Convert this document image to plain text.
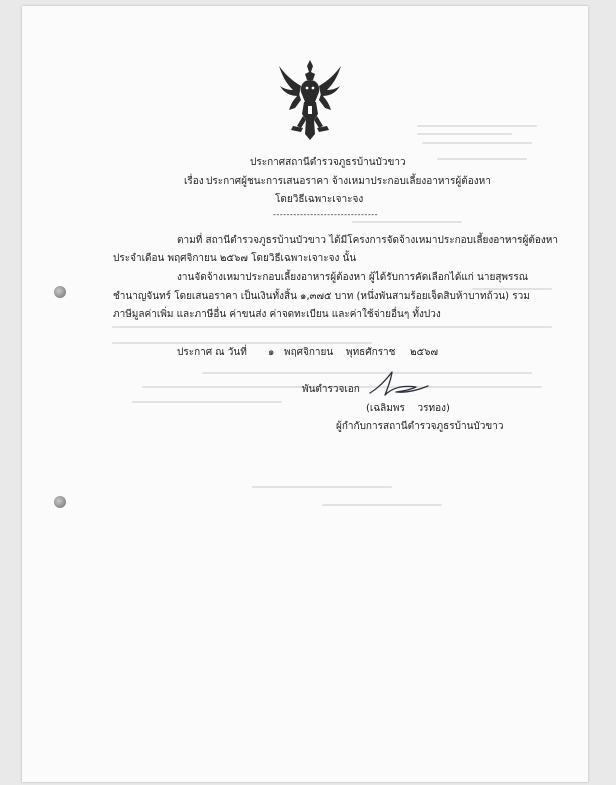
ประกาศสถานีตำรวจภูธรบ้านบัวขาว

เรื่อง ประกาศผู้ชนะการเสนอราคา จ้างเหมาประกอบเลี้ยงอาหารผู้ต้องหา

โดยวิธีเฉพาะเจาะจง

-------------------------------

ตามที่ สถานีตำรวจภูธรบ้านบัวขาว ได้มีโครงการจัดจ้างเหมาประกอบเลี้ยงอาหารผู้ต้องหา

ประจำเดือน พฤศจิกายน ๒๕๖๗ โดยวิธีเฉพาะเจาะจง นั้น

งานจัดจ้างเหมาประกอบเลี้ยงอาหารผู้ต้องหา ผู้ได้รับการคัดเลือกได้แก่ นายสุพรรณ

ชำนาญจันทร์ โดยเสนอราคา เป็นเงินทั้งสิ้น ๑,๓๗๕ บาท (หนึ่งพันสามร้อยเจ็ดสิบห้าบาทถ้วน) รวม

ภาษีมูลค่าเพิ่ม และภาษีอื่น ค่าขนส่ง ค่าจดทะเบียน และค่าใช้จ่ายอื่นๆ ทั้งปวง

ประกาศ ณ วันที่ ๑ พฤศจิกายน พุทธศักราช ๒๕๖๗

พันตำรวจเอก

(เฉลิมพร    วรทอง)

ผู้กำกับการสถานีตำรวจภูธรบ้านบัวขาว
